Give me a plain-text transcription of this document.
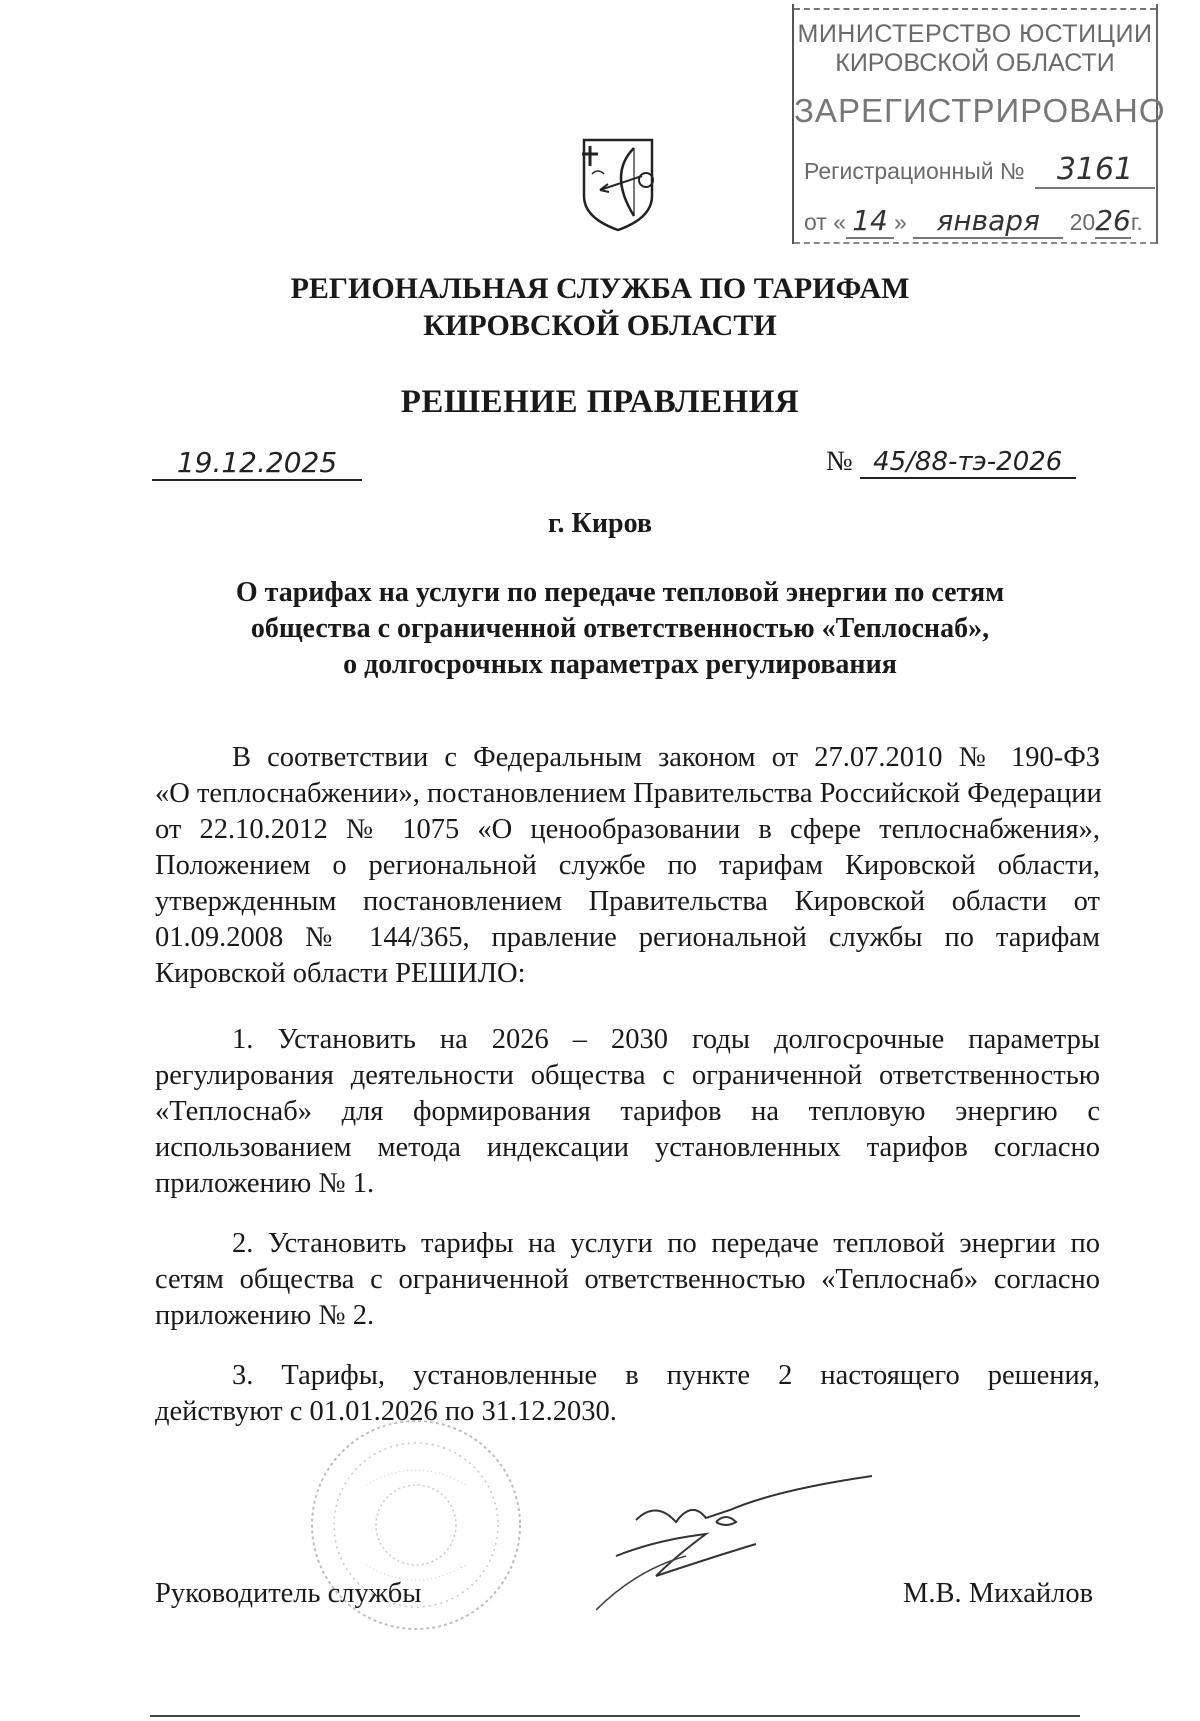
МИНИСТЕРСТВО ЮСТИЦИИ
КИРОВСКОЙ ОБЛАСТИ
ЗАРЕГИСТРИРОВАНО
Регистрационный № 3161
от « 14 » января 2026г.
РЕГИОНАЛЬНАЯ СЛУЖБА ПО ТАРИФАМ
КИРОВСКОЙ ОБЛАСТИ
РЕШЕНИЕ ПРАВЛЕНИЯ
19.12.2025	№ 45/88-тэ-2026
г. Киров
О тарифах на услуги по передаче тепловой энергии по сетям
общества с ограниченной ответственностью «Теплоснаб»,
о долгосрочных параметрах регулирования
В соответствии с Федеральным законом от 27.07.2010 № 190-ФЗ
«О теплоснабжении», постановлением Правительства Российской Федерации
от 22.10.2012 № 1075 «О ценообразовании в сфере теплоснабжения»,
Положением о региональной службе по тарифам Кировской области,
утвержденным постановлением Правительства Кировской области от
01.09.2008 № 144/365, правление региональной службы по тарифам
Кировской области РЕШИЛО:
1. Установить на 2026 – 2030 годы долгосрочные параметры
регулирования деятельности общества с ограниченной ответственностью
«Теплоснаб» для формирования тарифов на тепловую энергию с
использованием метода индексации установленных тарифов согласно
приложению № 1.
2. Установить тарифы на услуги по передаче тепловой энергии по
сетям общества с ограниченной ответственностью «Теплоснаб» согласно
приложению № 2.
3. Тарифы, установленные в пункте 2 настоящего решения,
действуют с 01.01.2026 по 31.12.2030.
Руководитель службы	М.В. Михайлов
